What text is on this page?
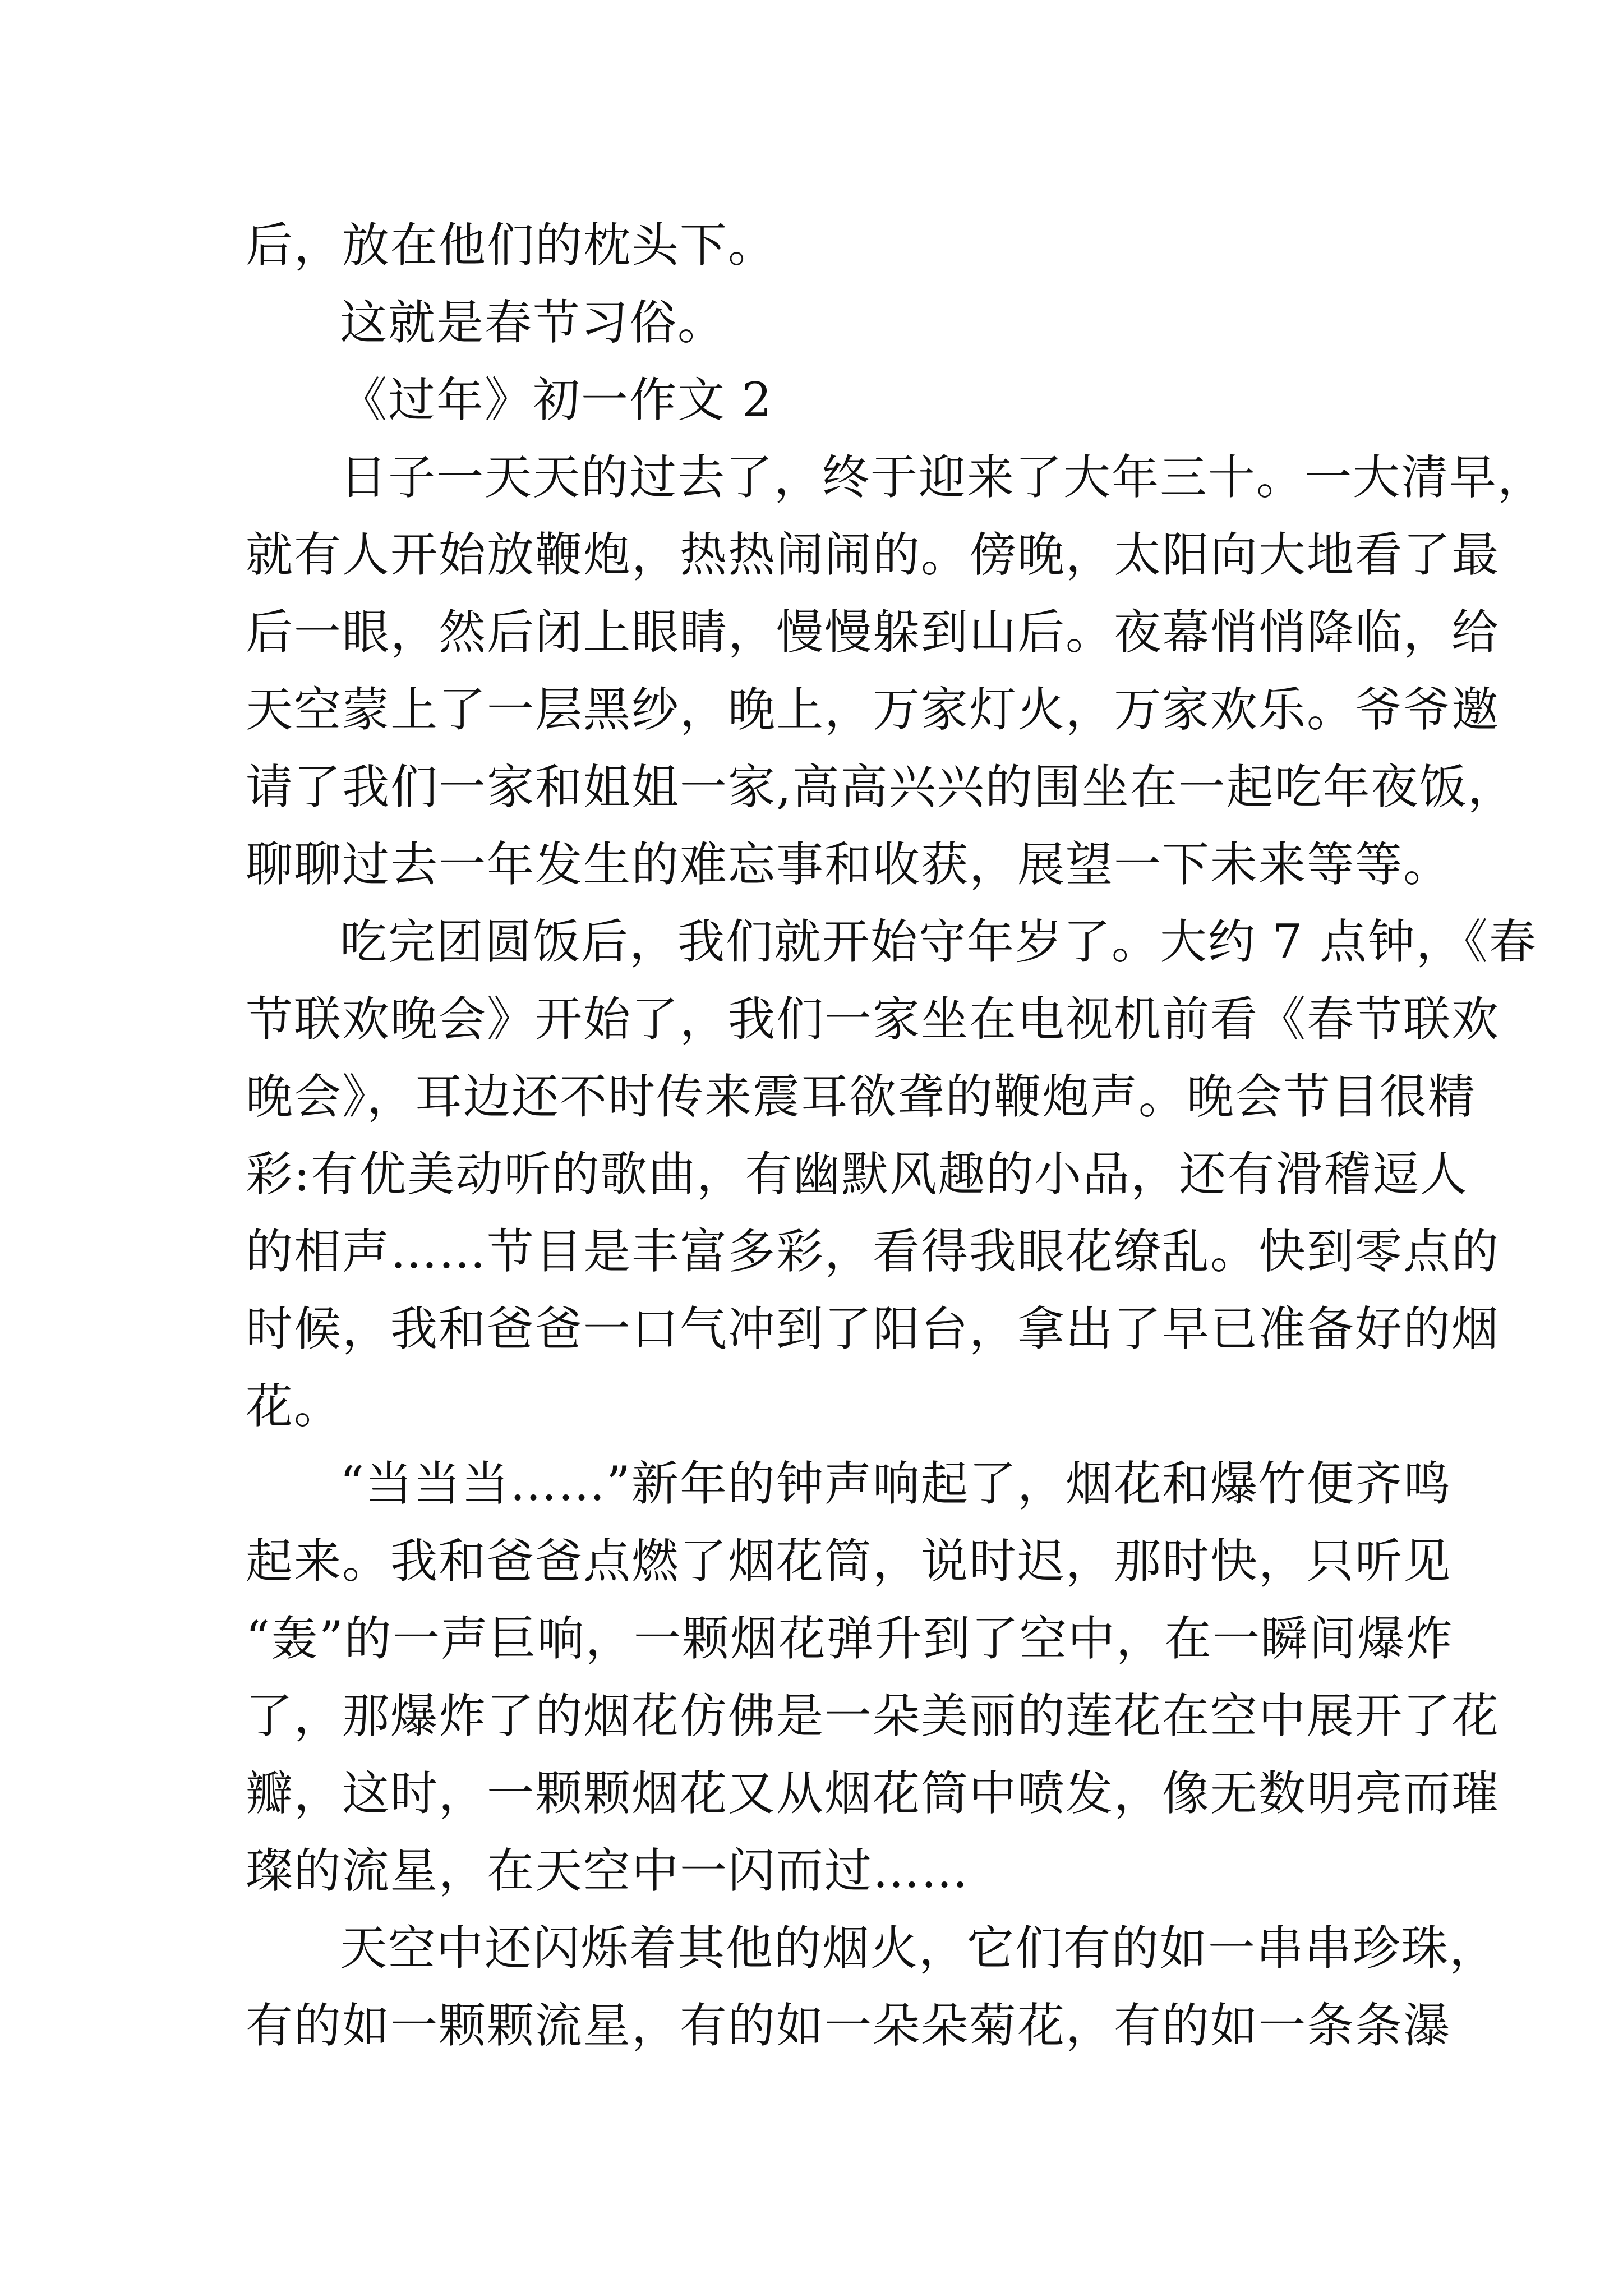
后，放在他们的枕头下。
这就是春节习俗。
《过年》初一作文 2
日子一天天的过去了，终于迎来了大年三十。一大清早，
就有人开始放鞭炮，热热闹闹的。傍晚，太阳向大地看了最
后一眼，然后闭上眼睛，慢慢躲到山后。夜幕悄悄降临，给
天空蒙上了一层黑纱，晚上，万家灯火，万家欢乐。爷爷邀
请了我们一家和姐姐一家,高高兴兴的围坐在一起吃年夜饭，
聊聊过去一年发生的难忘事和收获，展望一下未来等等。
吃完团圆饭后，我们就开始守年岁了。大约 7 点钟，《春
节联欢晚会》开始了，我们一家坐在电视机前看《春节联欢
晚会》，耳边还不时传来震耳欲聋的鞭炮声。晚会节目很精
彩:有优美动听的歌曲，有幽默风趣的小品，还有滑稽逗人
的相声……节目是丰富多彩，看得我眼花缭乱。快到零点的
时候，我和爸爸一口气冲到了阳台，拿出了早已准备好的烟
花。
“当当当……”新年的钟声响起了，烟花和爆竹便齐鸣
起来。我和爸爸点燃了烟花筒，说时迟，那时快，只听见
“轰”的一声巨响，一颗烟花弹升到了空中，在一瞬间爆炸
了，那爆炸了的烟花仿佛是一朵美丽的莲花在空中展开了花
瓣，这时，一颗颗烟花又从烟花筒中喷发，像无数明亮而璀
璨的流星，在天空中一闪而过……
天空中还闪烁着其他的烟火，它们有的如一串串珍珠，
有的如一颗颗流星，有的如一朵朵菊花，有的如一条条瀑
